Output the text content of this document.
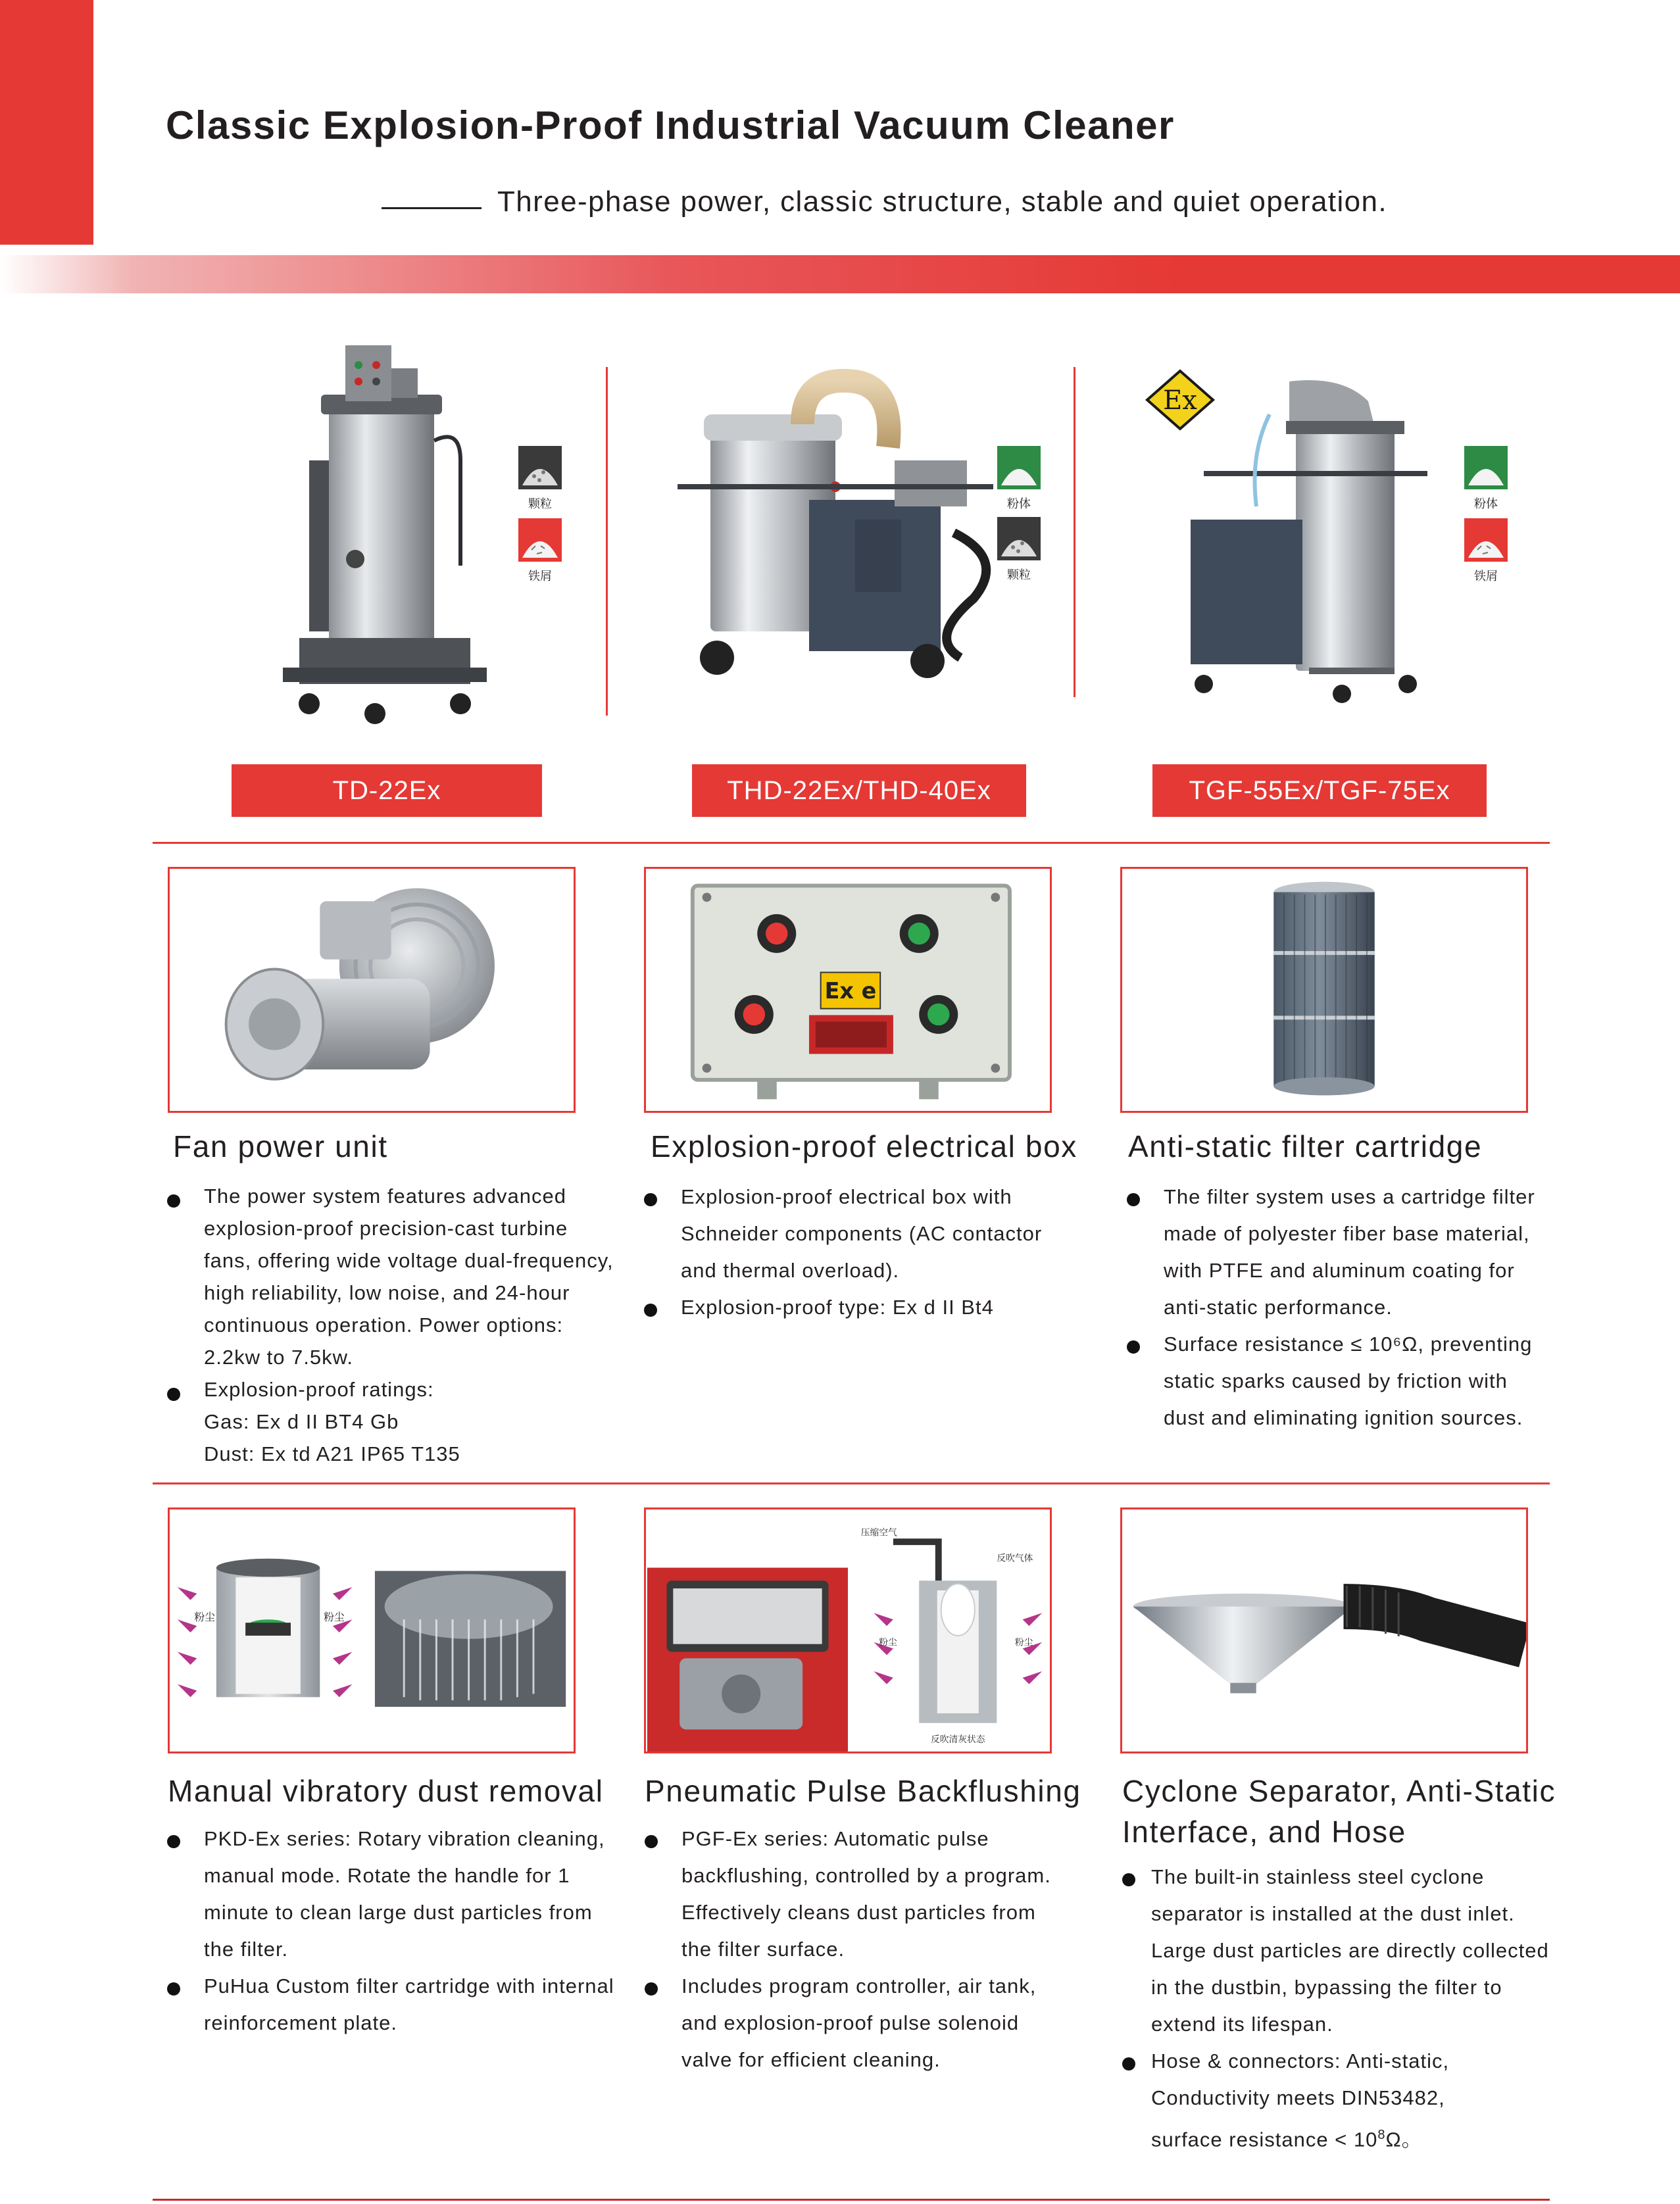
Classic Explosion-Proof Industrial Vacuum Cleaner
Three-phase power, classic structure, stable and quiet operation.
颗粒
铁屑
粉体
颗粒
Ex
粉体
铁屑
TD-22Ex	THD-22Ex/THD-40Ex	TGF-55Ex/TGF-75Ex
Ex e
Fan power unit
The power system features advanced explosion-proof precision-cast turbine fans, offering wide voltage dual-frequency, high reliability, low noise, and 24-hour continuous operation. Power options: 2.2kw to 7.5kw.
Explosion-proof ratings:
Gas: Ex d II BT4 Gb
Dust: Ex td A21 IP65 T135
Explosion-proof electrical box
Explosion-proof electrical box with Schneider components (AC contactor and thermal overload).
Explosion-proof type: Ex d II Bt4
Anti-static filter cartridge
The filter system uses a cartridge filter made of polyester fiber base material, with PTFE and aluminum coating for anti-static performance.
Surface resistance ≤ 10⁶Ω, preventing static sparks caused by friction with dust and eliminating ignition sources.
粉尘	粉尘
压缩空气
反吹气体
粉尘	粉尘
反吹清灰状态
Manual vibratory dust removal
PKD-Ex series: Rotary vibration cleaning, manual mode. Rotate the handle for 1 minute to clean large dust particles from the filter.
PuHua Custom filter cartridge with internal reinforcement plate.
Pneumatic Pulse Backflushing
PGF-Ex series: Automatic pulse backflushing, controlled by a program. Effectively cleans dust particles from the filter surface.
Includes program controller, air tank, and explosion-proof pulse solenoid valve for efficient cleaning.
Cyclone Separator, Anti-Static
Interface, and Hose
The built-in stainless steel cyclone separator is installed at the dust inlet. Large dust particles are directly collected in the dustbin, bypassing the filter to extend its lifespan.
Hose & connectors: Anti-static, Conductivity meets DIN53482,
surface resistance < $10^8\Omega$。
